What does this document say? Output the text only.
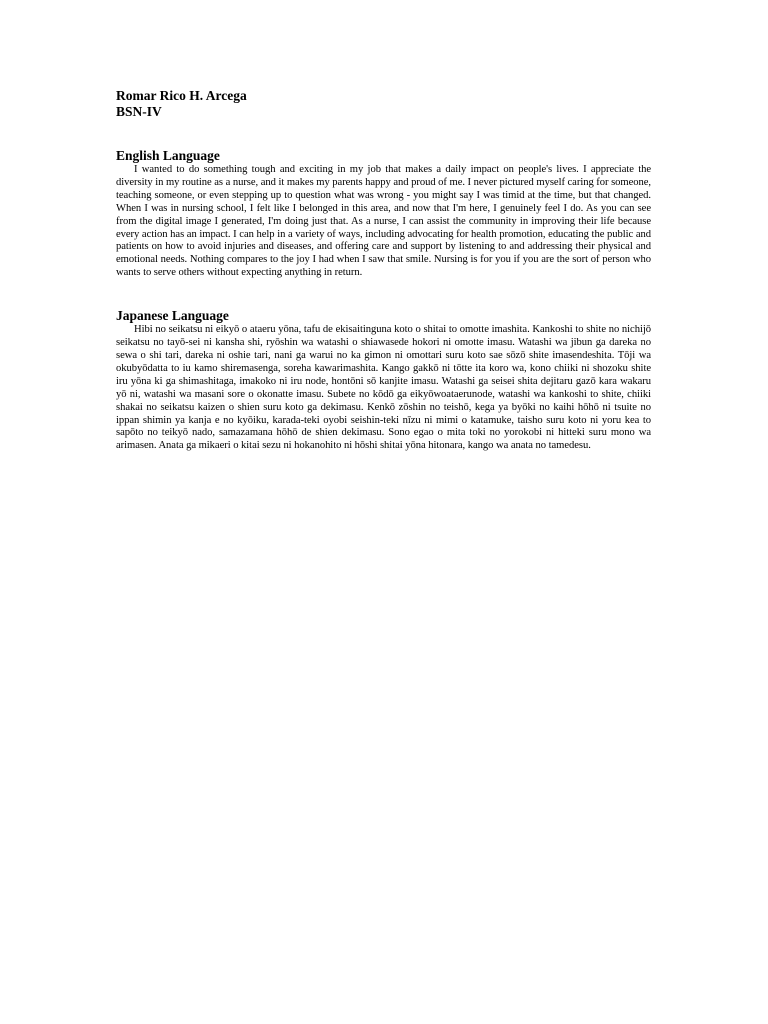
Romar Rico H. Arcega

BSN-IV

English Language

I wanted to do something tough and exciting in my job that makes a daily impact on people's lives. I appreciate the diversity in my routine as a nurse, and it makes my parents happy and proud of me. I never pictured myself caring for someone, teaching someone, or even stepping up to question what was wrong - you might say I was timid at the time, but that changed. When I was in nursing school, I felt like I belonged in this area, and now that I'm here, I genuinely feel I do. As you can see from the digital image I generated, I'm doing just that. As a nurse, I can assist the community in improving their life because every action has an impact. I can help in a variety of ways, including advocating for health promotion, educating the public and patients on how to avoid injuries and diseases, and offering care and support by listening to and addressing their physical and emotional needs. Nothing compares to the joy I had when I saw that smile. Nursing is for you if you are the sort of person who wants to serve others without expecting anything in return.

Japanese Language

Hibi no seikatsu ni eikyō o ataeru yōna, tafu de ekisaitinguna koto o shitai to omotte imashita. Kankoshi to shite no nichijō seikatsu no tayō-sei ni kansha shi, ryōshin wa watashi o shiawasede hokori ni omotte imasu. Watashi wa jibun ga dareka no sewa o shi tari, dareka ni oshie tari, nani ga warui no ka gimon ni omottari suru koto sae sōzō shite imasendeshita. Tōji wa okubyōdatta to iu kamo shiremasenga, soreha kawarimashita. Kango gakkō ni tōtte ita koro wa, kono chiiki ni shozoku shite iru yōna ki ga shimashitaga, imakoko ni iru node, hontōni sō kanjite imasu. Watashi ga seisei shita dejitaru gazō kara wakaru yō ni, watashi wa masani sore o okonatte imasu. Subete no kōdō ga eikyōwoataerunode, watashi wa kankoshi to shite, chiiki shakai no seikatsu kaizen o shien suru koto ga dekimasu. Kenkō zōshin no teishō, kega ya byōki no kaihi hōhō ni tsuite no ippan shimin ya kanja e no kyōiku, karada-teki oyobi seishin-teki nīzu ni mimi o katamuke, taisho suru koto ni yoru kea to sapōto no teikyō nado, samazamana hōhō de shien dekimasu. Sono egao o mita toki no yorokobi ni hitteki suru mono wa arimasen. Anata ga mikaeri o kitai sezu ni hokanohito ni hōshi shitai yōna hitonara, kango wa anata no tamedesu.
